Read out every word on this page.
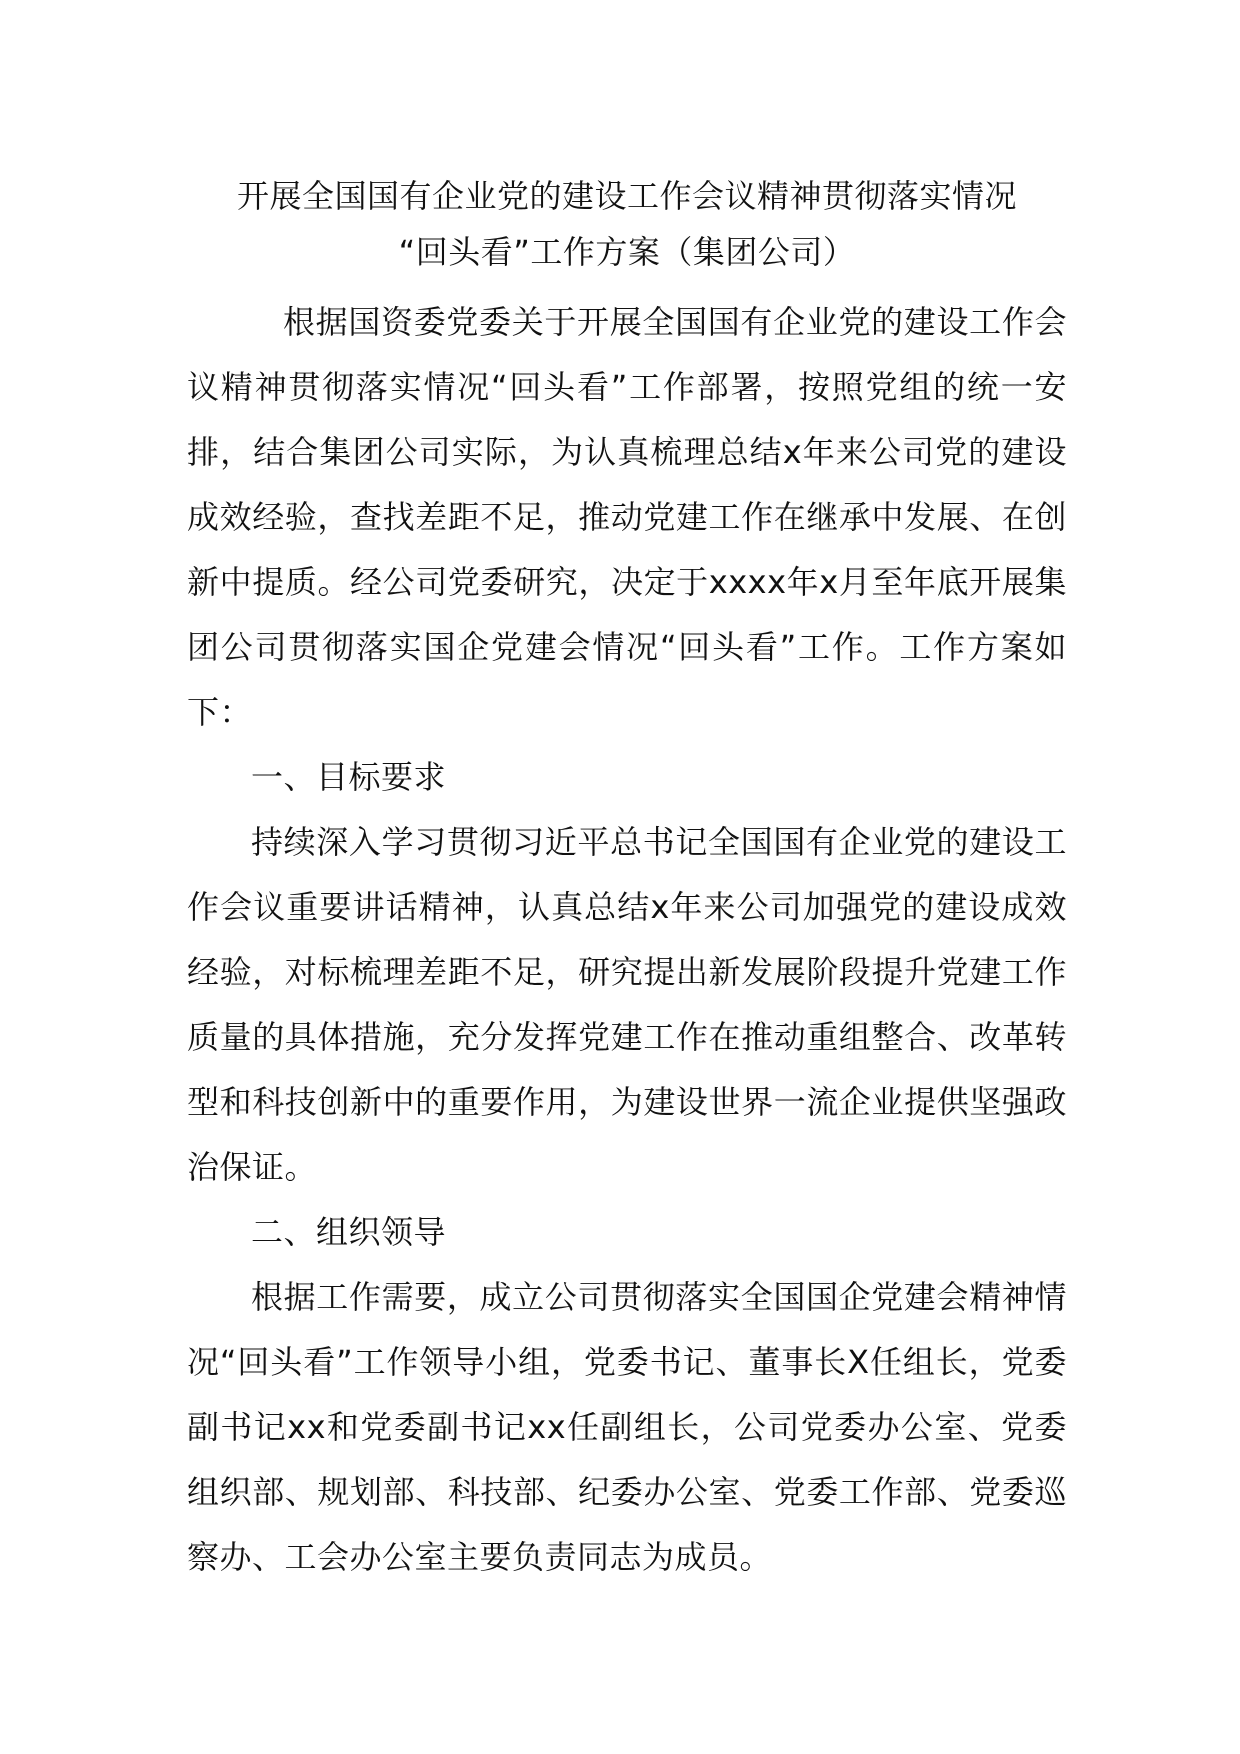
开展全国国有企业党的建设工作会议精神贯彻落实情况
“回头看”工作方案（集团公司）

根据国资委党委关于开展全国国有企业党的建设工作会议精神贯彻落实情况“回头看”工作部署，按照党组的统一安排，结合集团公司实际，为认真梳理总结x年来公司党的建设成效经验，查找差距不足，推动党建工作在继承中发展、在创新中提质。经公司党委研究，决定于xxxx年x月至年底开展集团公司贯彻落实国企党建会情况“回头看”工作。工作方案如下：

一、目标要求

持续深入学习贯彻习近平总书记全国国有企业党的建设工作会议重要讲话精神，认真总结x年来公司加强党的建设成效经验，对标梳理差距不足，研究提出新发展阶段提升党建工作质量的具体措施，充分发挥党建工作在推动重组整合、改革转型和科技创新中的重要作用，为建设世界一流企业提供坚强政治保证。

二、组织领导

根据工作需要，成立公司贯彻落实全国国企党建会精神情况“回头看”工作领导小组，党委书记、董事长X任组长，党委副书记xx和党委副书记xx任副组长，公司党委办公室、党委组织部、规划部、科技部、纪委办公室、党委工作部、党委巡察办、工会办公室主要负责同志为成员。
